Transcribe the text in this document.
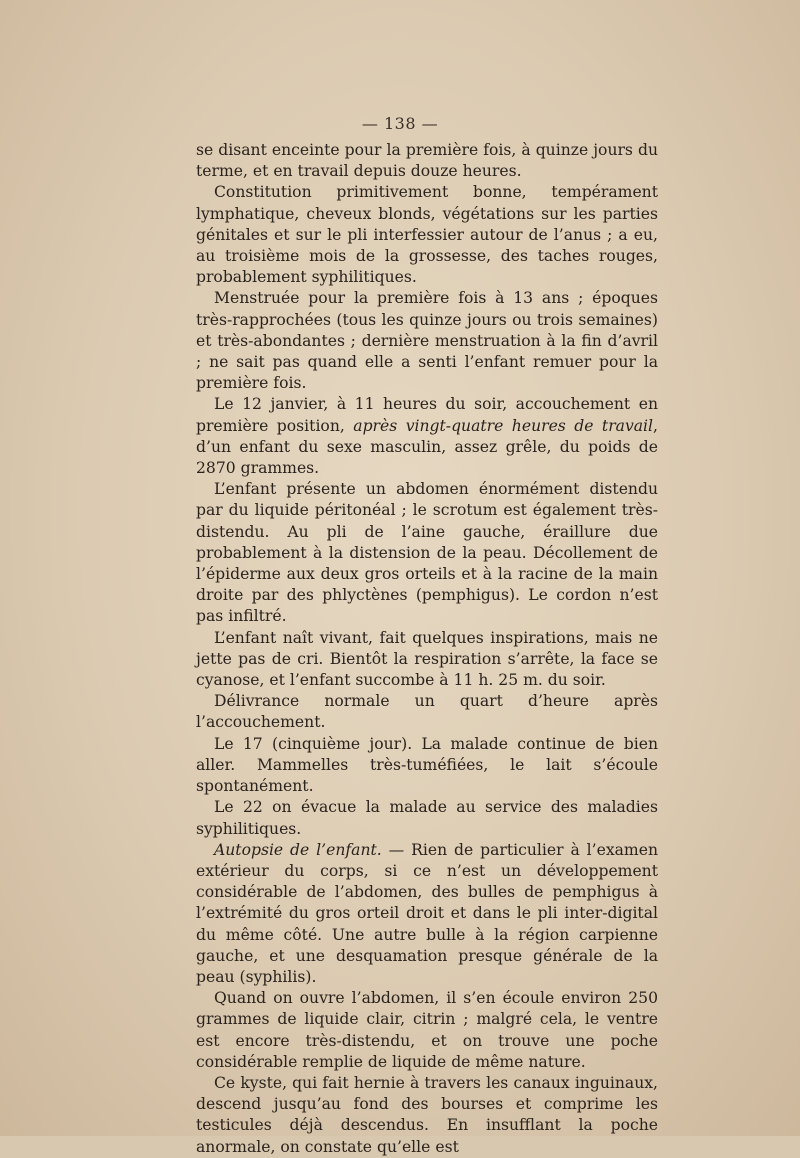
— 138 —

se disant enceinte pour la première fois, à quinze jours du terme, et en travail depuis douze heures.

Constitution primitivement bonne, tempérament lymphatique, cheveux blonds, végétations sur les parties génitales et sur le pli interfessier autour de l’anus ; a eu, au troisième mois de la grossesse, des taches rouges, probablement syphilitiques.

Menstruée pour la première fois à 13 ans ; époques très-rapprochées (tous les quinze jours ou trois semaines) et très-abondantes ; dernière menstruation à la fin d’avril ; ne sait pas quand elle a senti l’enfant remuer pour la première fois.

Le 12 janvier, à 11 heures du soir, accouchement en première position, après vingt-quatre heures de travail, d’un enfant du sexe masculin, assez grêle, du poids de 2870 grammes.

L’enfant présente un abdomen énormément distendu par du liquide péritonéal ; le scrotum est également très-distendu. Au pli de l’aine gauche, éraillure due probablement à la distension de la peau. Décollement de l’épiderme aux deux gros orteils et à la racine de la main droite par des phlyctènes (pemphigus). Le cordon n’est pas infiltré.

L’enfant naît vivant, fait quelques inspirations, mais ne jette pas de cri. Bientôt la respiration s’arrête, la face se cyanose, et l’enfant succombe à 11 h. 25 m. du soir.

Délivrance normale un quart d’heure après l’accouchement.

Le 17 (cinquième jour). La malade continue de bien aller. Mammelles très-tuméfiées, le lait s’écoule spontanément.

Le 22 on évacue la malade au service des maladies syphilitiques.

Autopsie de l’enfant. — Rien de particulier à l’examen extérieur du corps, si ce n’est un développement considérable de l’abdomen, des bulles de pemphigus à l’extrémité du gros orteil droit et dans le pli inter-digital du même côté. Une autre bulle à la région carpienne gauche, et une desquamation presque générale de la peau (syphilis).

Quand on ouvre l’abdomen, il s’en écoule environ 250 grammes de liquide clair, citrin ; malgré cela, le ventre est encore très-distendu, et on trouve une poche considérable remplie de liquide de même nature.

Ce kyste, qui fait hernie à travers les canaux inguinaux, descend jusqu’au fond des bourses et comprime les testicules déjà descendus. En insufflant la poche anormale, on constate qu’elle est
